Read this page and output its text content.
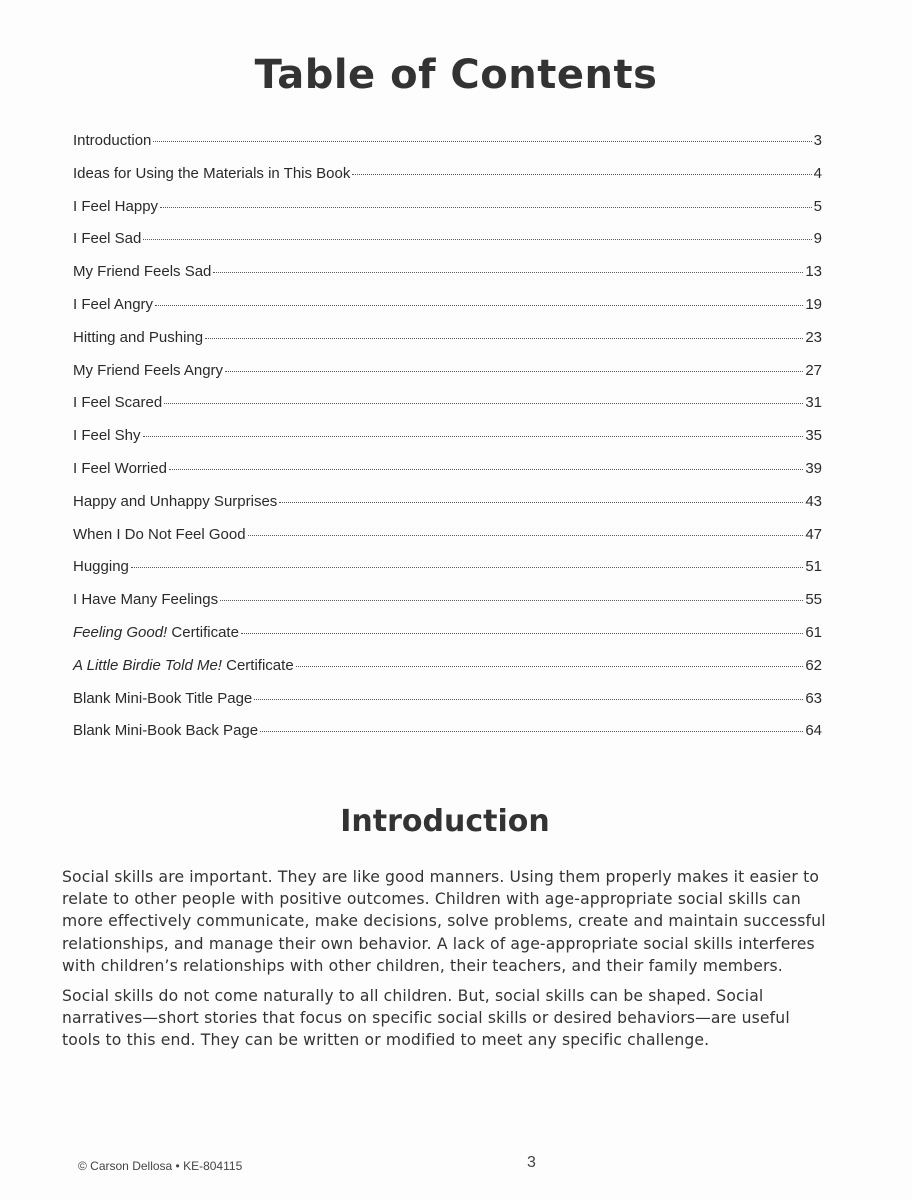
Table of Contents
Introduction	3
Ideas for Using the Materials in This Book	4
I Feel Happy	5
I Feel Sad	9
My Friend Feels Sad	13
I Feel Angry	19
Hitting and Pushing	23
My Friend Feels Angry	27
I Feel Scared	31
I Feel Shy	35
I Feel Worried	39
Happy and Unhappy Surprises	43
When I Do Not Feel Good	47
Hugging	51
I Have Many Feelings	55
Feeling Good! Certificate	61
A Little Birdie Told Me! Certificate	62
Blank Mini-Book Title Page	63
Blank Mini-Book Back Page	64
Introduction

Social skills are important. They are like good manners. Using them properly makes it easier to relate to other people with positive outcomes. Children with age-appropriate social skills can more effectively communicate, make decisions, solve problems, create and maintain successful relationships, and manage their own behavior. A lack of age-appropriate social skills interferes with children’s relationships with other children, their teachers, and their family members.

Social skills do not come naturally to all children. But, social skills can be shaped. Social narratives—short stories that focus on specific social skills or desired behaviors—are useful tools to this end. They can be written or modified to meet any specific challenge.

© Carson Dellosa • KE-804115	3
